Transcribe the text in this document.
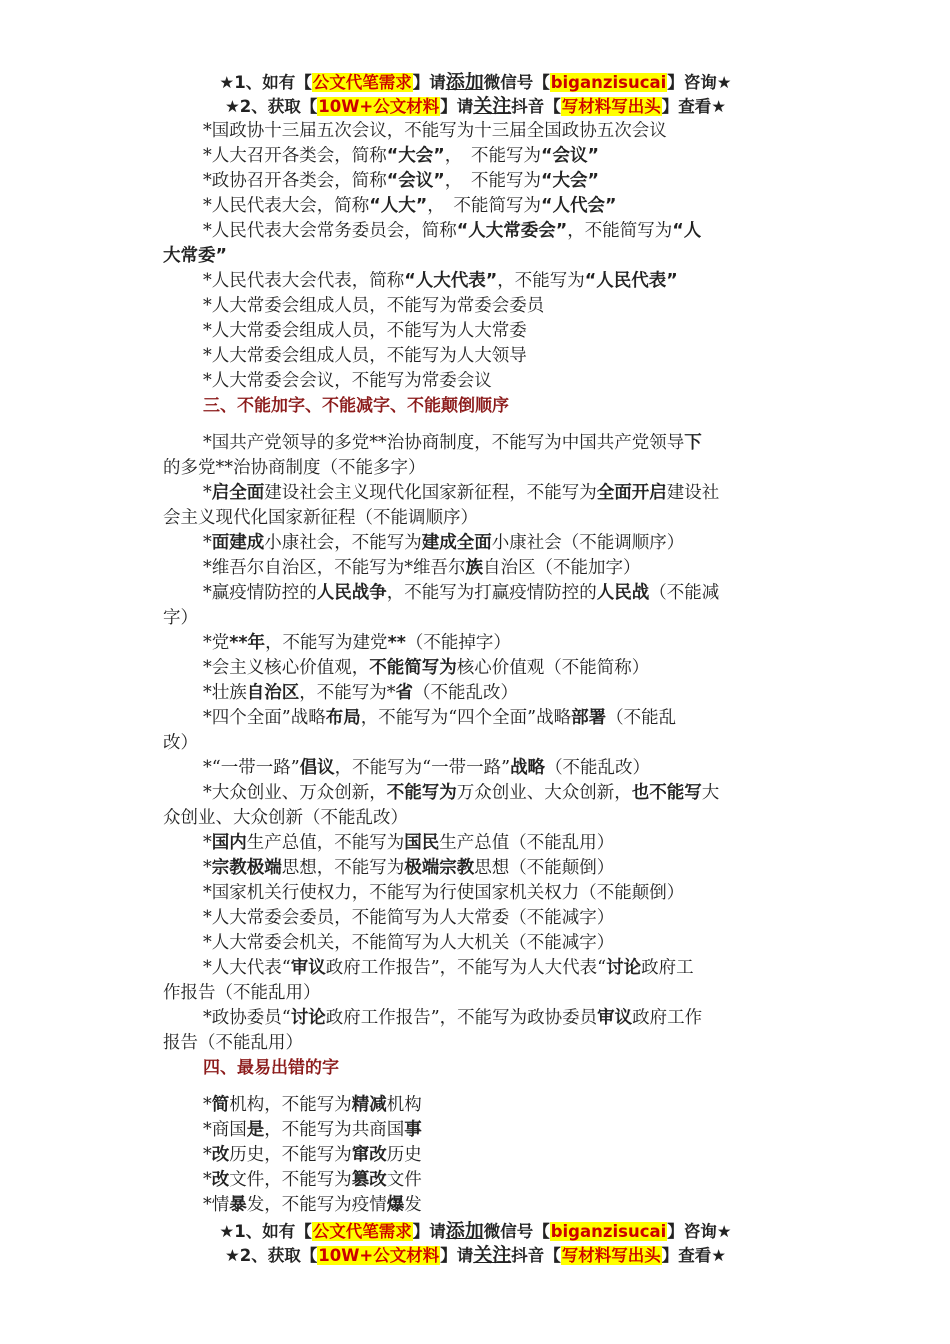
★1、如有【公文代笔需求】请添加微信号【biganzisucai】咨询★
★2、获取【10W+公文材料】请关注抖音【写材料写出头】查看★
*国政协十三届五次会议，不能写为十三届全国政协五次会议
*人大召开各类会，简称“大会”，　不能写为“会议”
*政协召开各类会，简称“会议”，　不能写为“大会”
*人民代表大会，简称“人大”，　不能简写为“人代会”
*人民代表大会常务委员会，简称“人大常委会”，不能简写为“人
大常委”
*人民代表大会代表，简称“人大代表”，不能写为“人民代表”
*人大常委会组成人员，不能写为常委会委员
*人大常委会组成人员，不能写为人大常委
*人大常委会组成人员，不能写为人大领导
*人大常委会会议，不能写为常委会议
三、不能加字、不能减字、不能颠倒顺序
*国共产党领导的多党**治协商制度，不能写为中国共产党领导下
的多党**治协商制度（不能多字）
*启全面建设社会主义现代化国家新征程，不能写为全面开启建设社
会主义现代化国家新征程（不能调顺序）
*面建成小康社会，不能写为建成全面小康社会（不能调顺序）
*维吾尔自治区，不能写为*维吾尔族自治区（不能加字）
*赢疫情防控的人民战争，不能写为打赢疫情防控的人民战（不能减
字）
*党**年，不能写为建党**（不能掉字）
*会主义核心价值观，不能简写为核心价值观（不能简称）
*壮族自治区，不能写为*省（不能乱改）
*四个全面”战略布局，不能写为“四个全面”战略部署（不能乱
改）
*“一带一路”倡议，不能写为“一带一路”战略（不能乱改）
*大众创业、万众创新，不能写为万众创业、大众创新，也不能写大
众创业、大众创新（不能乱改）
*国内生产总值，不能写为国民生产总值（不能乱用）
*宗教极端思想，不能写为极端宗教思想（不能颠倒）
*国家机关行使权力，不能写为行使国家机关权力（不能颠倒）
*人大常委会委员，不能简写为人大常委（不能减字）
*人大常委会机关，不能简写为人大机关（不能减字）
*人大代表“审议政府工作报告”，不能写为人大代表“讨论政府工
作报告（不能乱用）
*政协委员“讨论政府工作报告”，不能写为政协委员审议政府工作
报告（不能乱用）
四、最易出错的字
*简机构，不能写为精减机构
*商国是，不能写为共商国事
*改历史，不能写为窜改历史
*改文件，不能写为篡改文件
*情暴发，不能写为疫情爆发
★1、如有【公文代笔需求】请添加微信号【biganzisucai】咨询★
★2、获取【10W+公文材料】请关注抖音【写材料写出头】查看★
